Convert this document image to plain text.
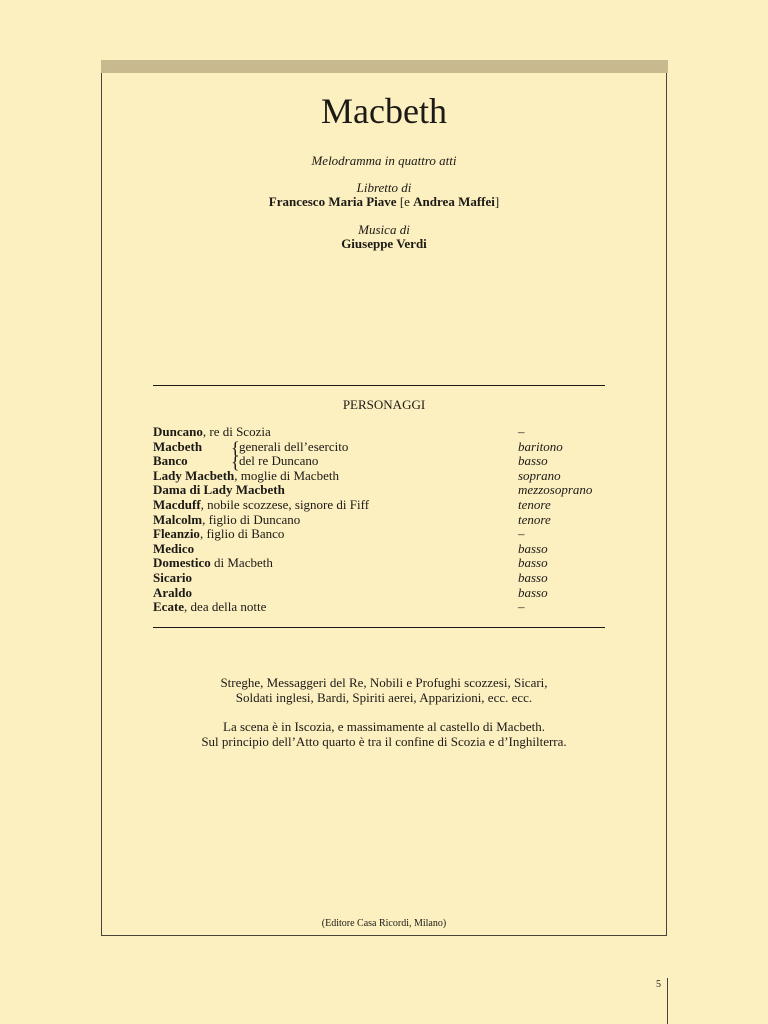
Macbeth
Melodramma in quattro atti
Libretto di
Francesco Maria Piave [e Andrea Maffei]
Musica di
Giuseppe Verdi
PERSONAGGI
Duncano, re di Scozia	–
Macbeth { generali dell’esercito	baritono
Banco { del re Duncano	basso
Lady Macbeth, moglie di Macbeth	soprano
Dama di Lady Macbeth	mezzosoprano
Macduff, nobile scozzese, signore di Fiff	tenore
Malcolm, figlio di Duncano	tenore
Fleanzio, figlio di Banco	–
Medico	basso
Domestico di Macbeth	basso
Sicario	basso
Araldo	basso
Ecate, dea della notte	–
Streghe, Messaggeri del Re, Nobili e Profughi scozzesi, Sicari,
Soldati inglesi, Bardi, Spiriti aerei, Apparizioni, ecc. ecc.
La scena è in Iscozia, e massimamente al castello di Macbeth.
Sul principio dell’Atto quarto è tra il confine di Scozia e d’Inghilterra.
(Editore Casa Ricordi, Milano)
5
